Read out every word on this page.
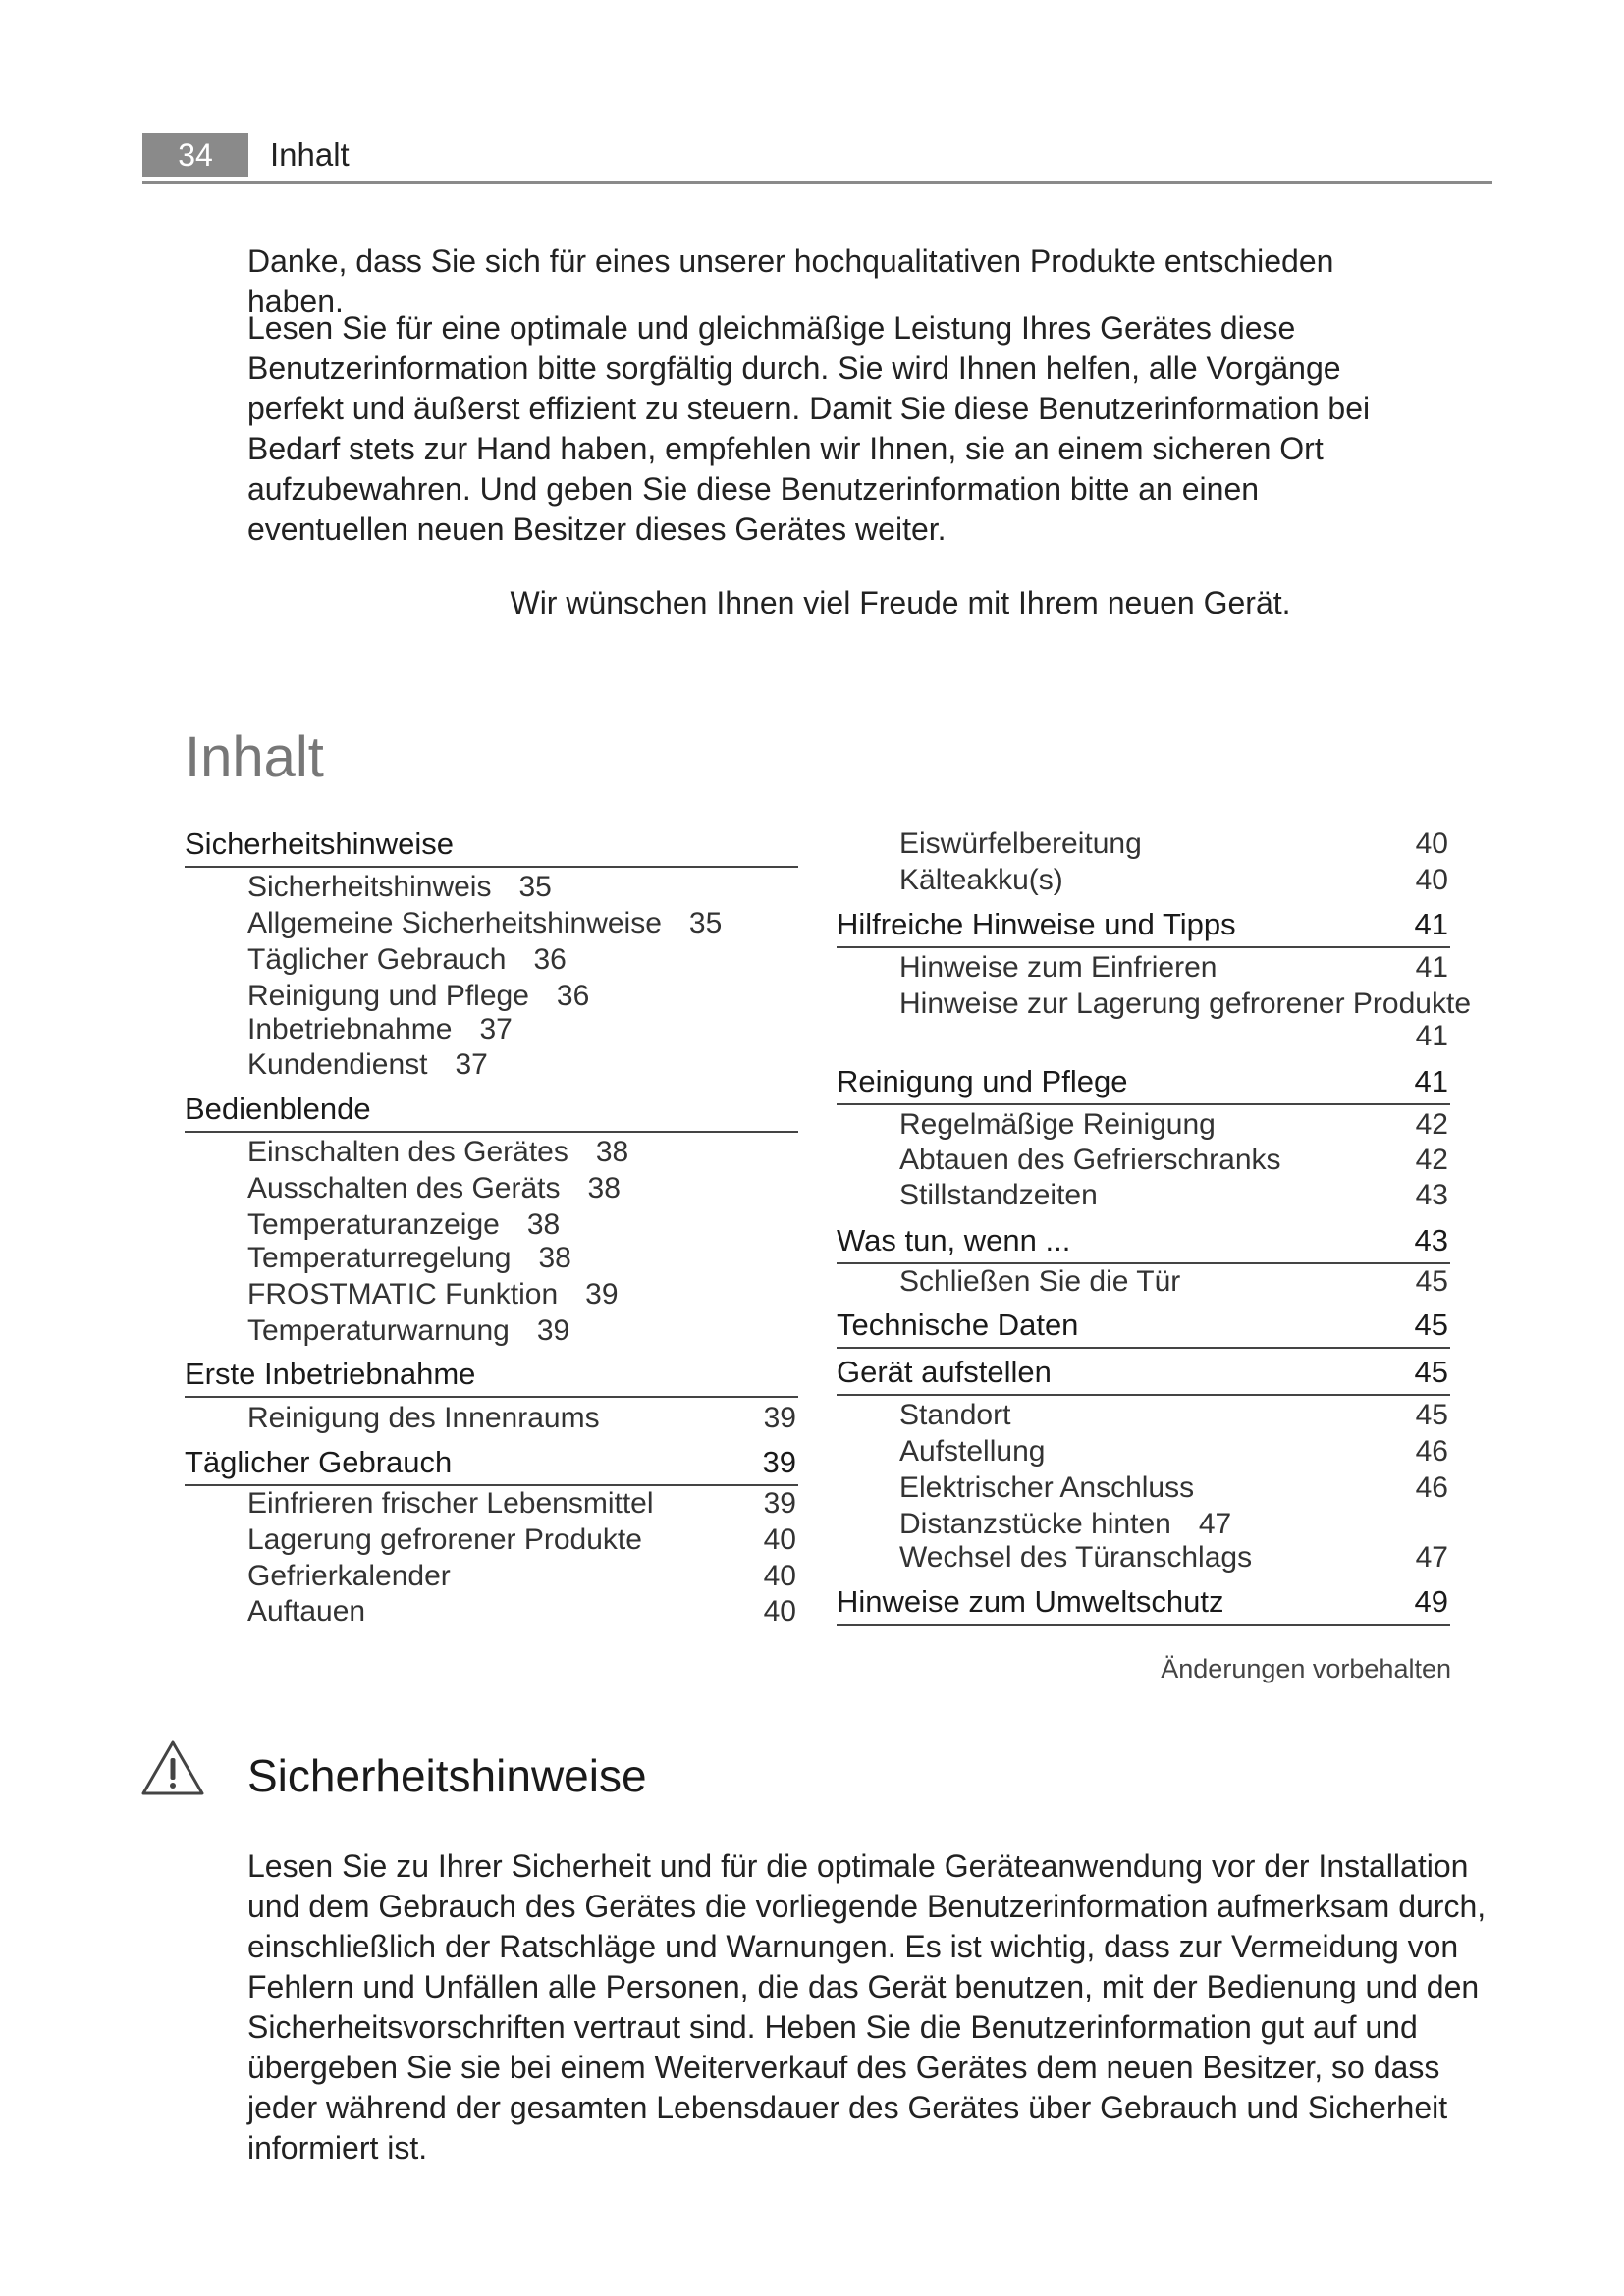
34	Inhalt

Danke, dass Sie sich für eines unserer hochqualitativen Produkte entschieden haben.

Lesen Sie für eine optimale und gleichmäßige Leistung Ihres Gerätes diese Benutzerinformation bitte sorgfältig durch. Sie wird Ihnen helfen, alle Vorgänge perfekt und äußerst effizient zu steuern. Damit Sie diese Benutzerinformation bei Bedarf stets zur Hand haben, empfehlen wir Ihnen, sie an einem sicheren Ort aufzubewahren. Und geben Sie diese Benutzerinformation bitte an einen eventuellen neuen Besitzer dieses Gerätes weiter.

Wir wünschen Ihnen viel Freude mit Ihrem neuen Gerät.

Inhalt
Sicherheitshinweise
Sicherheitshinweis 35
Allgemeine Sicherheitshinweise 35
Täglicher Gebrauch 36
Reinigung und Pflege 36
Inbetriebnahme 37
Kundendienst 37
Bedienblende
Einschalten des Gerätes 38
Ausschalten des Geräts 38
Temperaturanzeige 38
Temperaturregelung 38
FROSTMATIC Funktion 39
Temperaturwarnung 39
Erste Inbetriebnahme
Reinigung des Innenraums	39
Täglicher Gebrauch	39
Einfrieren frischer Lebensmittel	39
Lagerung gefrorener Produkte	40
Gefrierkalender	40
Auftauen	40
Eiswürfelbereitung	40
Kälteakku(s)	40
Hilfreiche Hinweise und Tipps	41
Hinweise zum Einfrieren	41
Hinweise zur Lagerung gefrorener Produkte
41
Reinigung und Pflege	41
Regelmäßige Reinigung	42
Abtauen des Gefrierschranks	42
Stillstandzeiten	43
Was tun, wenn ...	43
Schließen Sie die Tür	45
Technische Daten	45
Gerät aufstellen	45
Standort	45
Aufstellung	46
Elektrischer Anschluss	46
Distanzstücke hinten 47
Wechsel des Türanschlags	47
Hinweise zum Umweltschutz	49
Änderungen vorbehalten
Sicherheitshinweise

Lesen Sie zu Ihrer Sicherheit und für die optimale Geräteanwendung vor der Installation und dem Gebrauch des Gerätes die vorliegende Benutzerinformation aufmerksam durch, einschließlich der Ratschläge und Warnungen. Es ist wichtig, dass zur Vermeidung von Fehlern und Unfällen alle Personen, die das Gerät benutzen, mit der Bedienung und den Sicherheitsvorschriften vertraut sind. Heben Sie die Benutzerinformation gut auf und übergeben Sie sie bei einem Weiterverkauf des Gerätes dem neuen Besitzer, so dass jeder während der gesamten Lebensdauer des Gerätes über Gebrauch und Sicherheit informiert ist.
